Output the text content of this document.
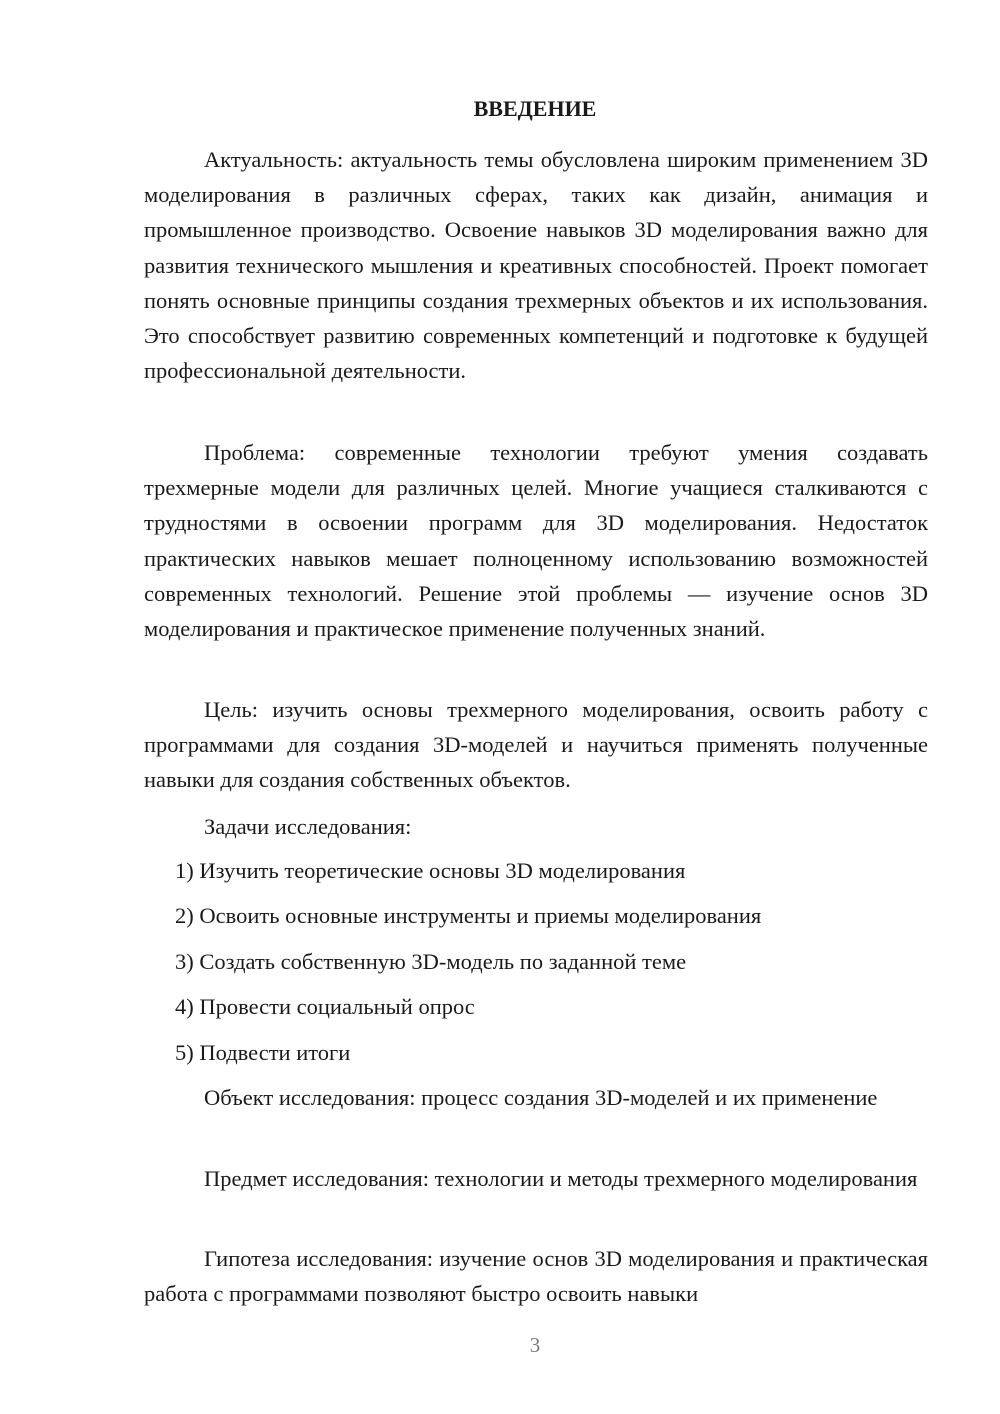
ВВЕДЕНИЕ

Актуальность: актуальность темы обусловлена широким применением 3D моделирования в различных сферах, таких как дизайн, анимация и промышленное производство. Освоение навыков 3D моделирования важно для развития технического мышления и креативных способностей. Проект помогает понять основные принципы создания трехмерных объектов и их использования. Это способствует развитию современных компетенций и подготовке к будущей профессиональной деятельности.

Проблема: современные технологии требуют умения создавать трехмерные модели для различных целей. Многие учащиеся сталкиваются с трудностями в освоении программ для 3D моделирования. Недостаток практических навыков мешает полноценному использованию возможностей современных технологий. Решение этой проблемы — изучение основ 3D моделирования и практическое применение полученных знаний.

Цель: изучить основы трехмерного моделирования, освоить работу с программами для создания 3D-моделей и научиться применять полученные навыки для создания собственных объектов.

Задачи исследования:

1) Изучить теоретические основы 3D моделирования

2) Освоить основные инструменты и приемы моделирования

3) Создать собственную 3D-модель по заданной теме

4) Провести социальный опрос

5) Подвести итоги

Объект исследования: процесс создания 3D-моделей и их применение

Предмет исследования: технологии и методы трехмерного моделирования

Гипотеза исследования: изучение основ 3D моделирования и практическая работа с программами позволяют быстро освоить навыки

3
